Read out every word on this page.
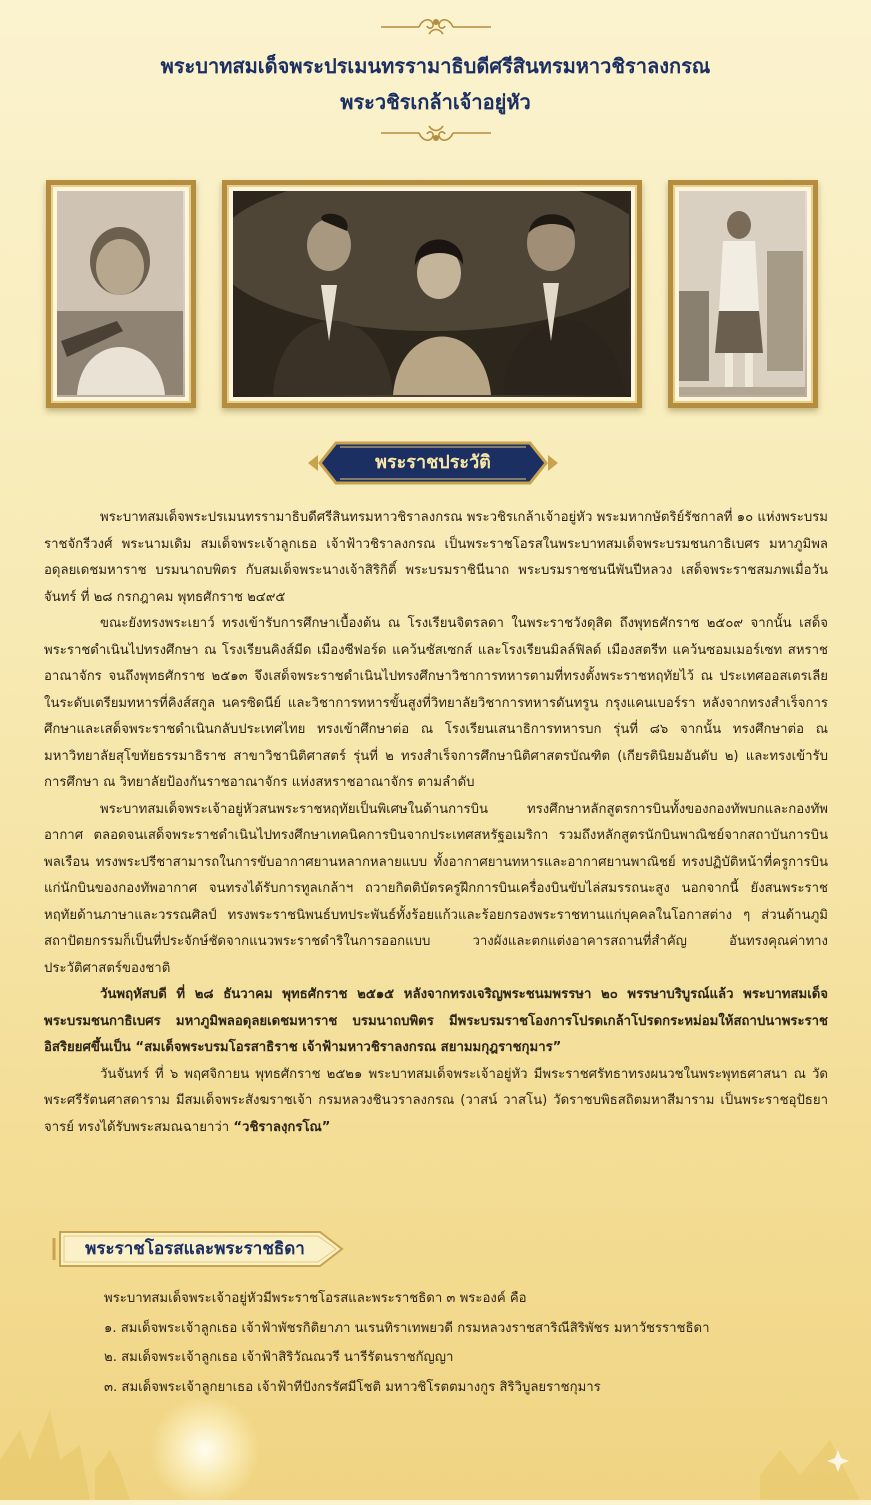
พระบาทสมเด็จพระปรเมนทรรามาธิบดีศรีสินทรมหาวชิราลงกรณ
พระวชิรเกล้าเจ้าอยู่หัว
พระราชประวัติ

พระบาทสมเด็จพระปรเมนทรรามาธิบดีศรีสินทรมหาวชิราลงกรณ พระวชิรเกล้าเจ้าอยู่หัว พระมหากษัตริย์รัชกาลที่ ๑๐ แห่งพระบรมราชจักรีวงศ์ พระนามเดิม สมเด็จพระเจ้าลูกเธอ เจ้าฟ้าวชิราลงกรณ เป็นพระราชโอรสในพระบาทสมเด็จพระบรมชนกาธิเบศร มหาภูมิพลอดุลยเดชมหาราช บรมนาถบพิตร กับสมเด็จพระนางเจ้าสิริกิติ์ พระบรมราชินีนาถ พระบรมราชชนนีพันปีหลวง เสด็จพระราชสมภพเมื่อวันจันทร์ ที่ ๒๘ กรกฎาคม พุทธศักราช ๒๔๙๕

ขณะยังทรงพระเยาว์ ทรงเข้ารับการศึกษาเบื้องต้น ณ โรงเรียนจิตรลดา ในพระราชวังดุสิต ถึงพุทธศักราช ๒๕๐๙ จากนั้น เสด็จพระราชดำเนินไปทรงศึกษา ณ โรงเรียนคิงส์มีด เมืองซีฟอร์ด แคว้นซัสเซกส์ และโรงเรียนมิลล์ฟิลด์ เมืองสตรีท แคว้นซอมเมอร์เซท สหราชอาณาจักร จนถึงพุทธศักราช ๒๕๑๓ จึงเสด็จพระราชดำเนินไปทรงศึกษาวิชาการทหารตามที่ทรงตั้งพระราชหฤทัยไว้ ณ ประเทศออสเตรเลีย ในระดับเตรียมทหารที่คิงส์สกูล นครซิดนีย์ และวิชาการทหารขั้นสูงที่วิทยาลัยวิชาการทหารดันทรูน กรุงแคนเบอร์รา หลังจากทรงสำเร็จการศึกษาและเสด็จพระราชดำเนินกลับประเทศไทย ทรงเข้าศึกษาต่อ ณ โรงเรียนเสนาธิการทหารบก รุ่นที่ ๘๖ จากนั้น ทรงศึกษาต่อ ณ มหาวิทยาลัยสุโขทัยธรรมาธิราช สาขาวิชานิติศาสตร์ รุ่นที่ ๒ ทรงสำเร็จการศึกษานิติศาสตรบัณฑิต (เกียรตินิยมอันดับ ๒) และทรงเข้ารับการศึกษา ณ วิทยาลัยป้องกันราชอาณาจักร แห่งสหราชอาณาจักร ตามลำดับ

พระบาทสมเด็จพระเจ้าอยู่หัวสนพระราชหฤทัยเป็นพิเศษในด้านการบิน ทรงศึกษาหลักสูตรการบินทั้งของกองทัพบกและกองทัพอากาศ ตลอดจนเสด็จพระราชดำเนินไปทรงศึกษาเทคนิคการบินจากประเทศสหรัฐอเมริกา รวมถึงหลักสูตรนักบินพาณิชย์จากสถาบันการบินพลเรือน ทรงพระปรีชาสามารถในการขับอากาศยานหลากหลายแบบ ทั้งอากาศยานทหารและอากาศยานพาณิชย์ ทรงปฏิบัติหน้าที่ครูการบินแก่นักบินของกองทัพอากาศ จนทรงได้รับการทูลเกล้าฯ ถวายกิตติบัตรครูฝึกการบินเครื่องบินขับไล่สมรรถนะสูง นอกจากนี้ ยังสนพระราชหฤทัยด้านภาษาและวรรณศิลป์ ทรงพระราชนิพนธ์บทประพันธ์ทั้งร้อยแก้วและร้อยกรองพระราชทานแก่บุคคลในโอกาสต่าง ๆ ส่วนด้านภูมิสถาปัตยกรรมก็เป็นที่ประจักษ์ชัดจากแนวพระราชดำริในการออกแบบ วางผังและตกแต่งอาคารสถานที่สำคัญ อันทรงคุณค่าทางประวัติศาสตร์ของชาติ

วันพฤหัสบดี ที่ ๒๘ ธันวาคม พุทธศักราช ๒๕๑๕ หลังจากทรงเจริญพระชนมพรรษา ๒๐ พรรษาบริบูรณ์แล้ว พระบาทสมเด็จพระบรมชนกาธิเบศร มหาภูมิพลอดุลยเดชมหาราช บรมนาถบพิตร มีพระบรมราชโองการโปรดเกล้าโปรดกระหม่อมให้สถาปนาพระราชอิสริยยศขึ้นเป็น “สมเด็จพระบรมโอรสาธิราช เจ้าฟ้ามหาวชิราลงกรณ สยามมกุฎราชกุมาร”

วันจันทร์ ที่ ๖ พฤศจิกายน พุทธศักราช ๒๕๒๑ พระบาทสมเด็จพระเจ้าอยู่หัว มีพระราชศรัทธาทรงผนวชในพระพุทธศาสนา ณ วัดพระศรีรัตนศาสดาราม มีสมเด็จพระสังฆราชเจ้า กรมหลวงชินวราลงกรณ (วาสน์ วาสโน) วัดราชบพิธสถิตมหาสีมาราม เป็นพระราชอุปัธยาจารย์ ทรงได้รับพระสมณฉายาว่า “วชิราลงฺกรโณ”

พระราชโอรสและพระราชธิดา

พระบาทสมเด็จพระเจ้าอยู่หัวมีพระราชโอรสและพระราชธิดา ๓ พระองค์ คือ

๑. สมเด็จพระเจ้าลูกเธอ เจ้าฟ้าพัชรกิติยาภา นเรนทิราเทพยวดี กรมหลวงราชสาริณีสิริพัชร มหาวัชรราชธิดา

๒. สมเด็จพระเจ้าลูกเธอ เจ้าฟ้าสิริวัณณวรี นารีรัตนราชกัญญา

๓. สมเด็จพระเจ้าลูกยาเธอ เจ้าฟ้าทีปังกรรัศมีโชติ มหาวชิโรตตมางกูร สิริวิบูลยราชกุมาร
